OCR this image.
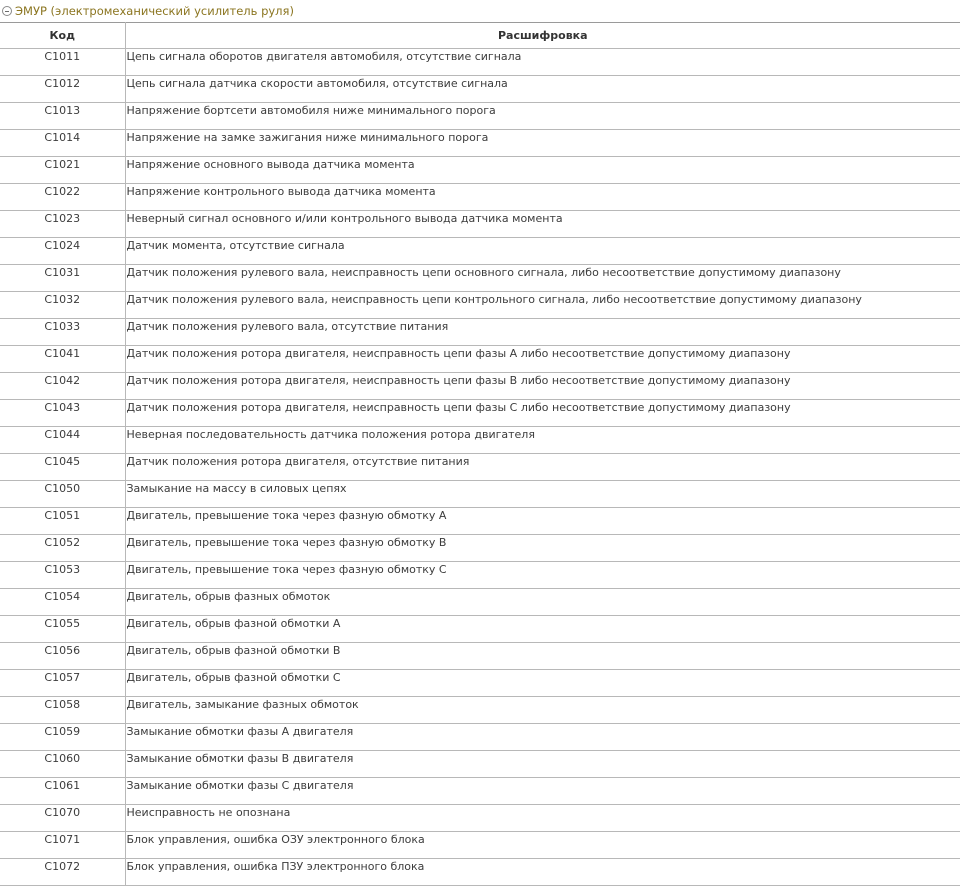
ЭМУР (электромеханический усилитель руля)
Код	Расшифровка
C1011	Цепь сигнала оборотов двигателя автомобиля, отсутствие сигнала
C1012	Цепь сигнала датчика скорости автомобиля, отсутствие сигнала
C1013	Напряжение бортсети автомобиля ниже минимального порога
C1014	Напряжение на замке зажигания ниже минимального порога
C1021	Напряжение основного вывода датчика момента
C1022	Напряжение контрольного вывода датчика момента
C1023	Неверный сигнал основного и/или контрольного вывода датчика момента
C1024	Датчик момента, отсутствие сигнала
C1031	Датчик положения рулевого вала, неисправность цепи основного сигнала, либо несоответствие допустимому диапазону
C1032	Датчик положения рулевого вала, неисправность цепи контрольного сигнала, либо несоответствие допустимому диапазону
C1033	Датчик положения рулевого вала, отсутствие питания
C1041	Датчик положения ротора двигателя, неисправность цепи фазы А либо несоответствие допустимому диапазону
C1042	Датчик положения ротора двигателя, неисправность цепи фазы В либо несоответствие допустимому диапазону
C1043	Датчик положения ротора двигателя, неисправность цепи фазы С либо несоответствие допустимому диапазону
C1044	Неверная последовательность датчика положения ротора двигателя
C1045	Датчик положения ротора двигателя, отсутствие питания
C1050	Замыкание на массу в силовых цепях
C1051	Двигатель, превышение тока через фазную обмотку А
C1052	Двигатель, превышение тока через фазную обмотку В
C1053	Двигатель, превышение тока через фазную обмотку С
C1054	Двигатель, обрыв фазных обмоток
C1055	Двигатель, обрыв фазной обмотки А
C1056	Двигатель, обрыв фазной обмотки В
C1057	Двигатель, обрыв фазной обмотки С
C1058	Двигатель, замыкание фазных обмоток
C1059	Замыкание обмотки фазы А двигателя
C1060	Замыкание обмотки фазы В двигателя
C1061	Замыкание обмотки фазы С двигателя
C1070	Неисправность не опознана
C1071	Блок управления, ошибка ОЗУ электронного блока
C1072	Блок управления, ошибка ПЗУ электронного блока
